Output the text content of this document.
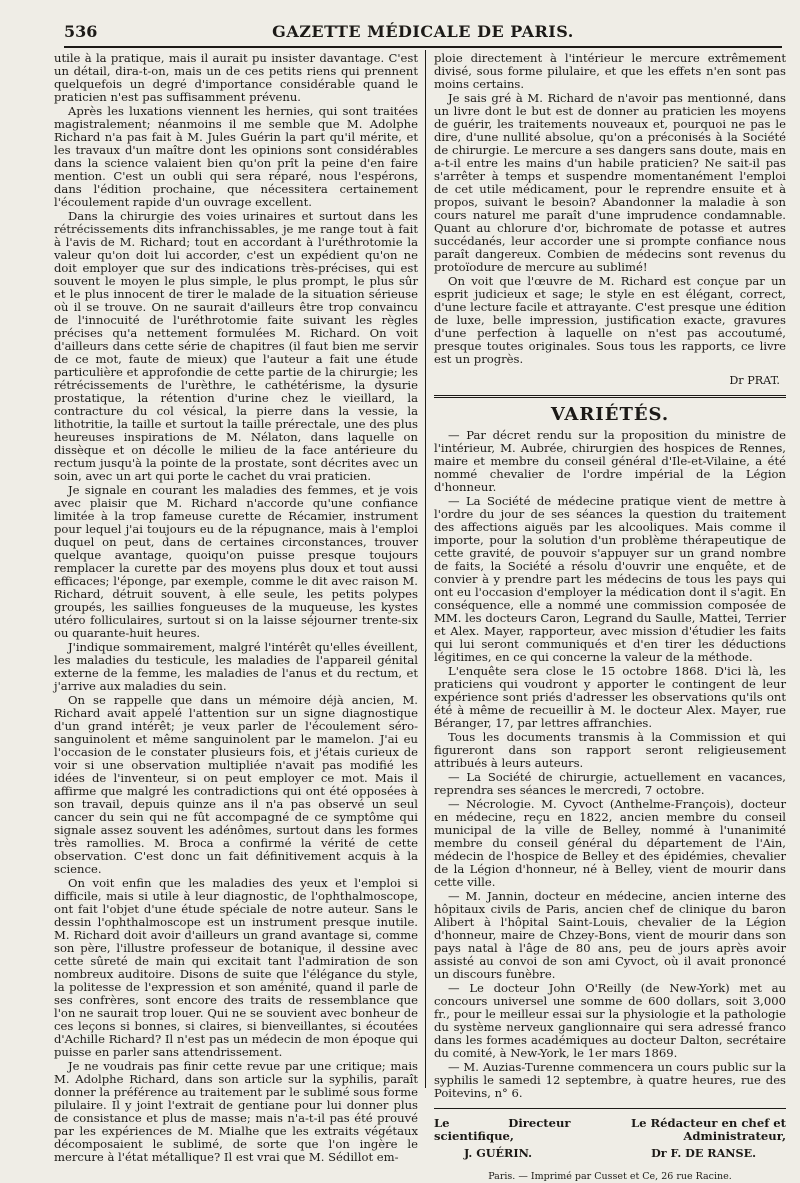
536	GAZETTE MÉDICALE DE PARIS.

utile à la pratique, mais il aurait pu insister davantage. C'est un détail, dira-t-on, mais un de ces petits riens qui prennent quelquefois un degré d'importance considérable quand le praticien n'est pas suffisamment prévenu.

Après les luxations viennent les hernies, qui sont traitées magistralement; néanmoins il me semble que M. Adolphe Richard n'a pas fait à M. Jules Guérin la part qu'il mérite, et les travaux d'un maître dont les opinions sont considérables dans la science valaient bien qu'on prît la peine d'en faire mention. C'est un oubli qui sera réparé, nous l'espérons, dans l'édition prochaine, que nécessitera certainement l'écoulement rapide d'un ouvrage excellent.

Dans la chirurgie des voies urinaires et surtout dans les rétrécissements dits infranchissables, je me range tout à fait à l'avis de M. Richard; tout en accordant à l'uréthrotomie la valeur qu'on doit lui accorder, c'est un expédient qu'on ne doit employer que sur des indications très-précises, qui est souvent le moyen le plus simple, le plus prompt, le plus sûr et le plus innocent de tirer le malade de la situation sérieuse où il se trouve. On ne saurait d'ailleurs être trop convaincu de l'innocuité de l'uréthrotomie faite suivant les règles précises qu'a nettement formulées M. Richard. On voit d'ailleurs dans cette série de chapitres (il faut bien me servir de ce mot, faute de mieux) que l'auteur a fait une étude particulière et approfondie de cette partie de la chirurgie; les rétrécissements de l'urèthre, le cathétérisme, la dysurie prostatique, la rétention d'urine chez le vieillard, la contracture du col vésical, la pierre dans la vessie, la lithotritie, la taille et surtout la taille prérectale, une des plus heureuses inspirations de M. Nélaton, dans laquelle on dissèque et on décolle le milieu de la face antérieure du rectum jusqu'à la pointe de la prostate, sont décrites avec un soin, avec un art qui porte le cachet du vrai praticien.

Je signale en courant les maladies des femmes, et je vois avec plaisir que M. Richard n'accorde qu'une confiance limitée à la trop fameuse curette de Récamier, instrument pour lequel j'ai toujours eu de la répugnance, mais à l'emploi duquel on peut, dans de certaines circonstances, trouver quelque avantage, quoiqu'on puisse presque toujours remplacer la curette par des moyens plus doux et tout aussi efficaces; l'éponge, par exemple, comme le dit avec raison M. Richard, détruit souvent, à elle seule, les petits polypes groupés, les saillies fongueuses de la muqueuse, les kystes utéro folliculaires, surtout si on la laisse séjourner trente-six ou quarante-huit heures.

J'indique sommairement, malgré l'intérêt qu'elles éveillent, les maladies du testicule, les maladies de l'appareil génital externe de la femme, les maladies de l'anus et du rectum, et j'arrive aux maladies du sein.

On se rappelle que dans un mémoire déjà ancien, M. Richard avait appelé l'attention sur un signe diagnostique d'un grand intérêt; je veux parler de l'écoulement séro-sanguinolent et même sanguinolent par le mamelon. J'ai eu l'occasion de le constater plusieurs fois, et j'étais curieux de voir si une observation multipliée n'avait pas modifié les idées de l'inventeur, si on peut employer ce mot. Mais il affirme que malgré les contradictions qui ont été opposées à son travail, depuis quinze ans il n'a pas observé un seul cancer du sein qui ne fût accompagné de ce symptôme qui signale assez souvent les adénômes, surtout dans les formes très ramollies. M. Broca a confirmé la vérité de cette observation. C'est donc un fait définitivement acquis à la science.

On voit enfin que les maladies des yeux et l'emploi si difficile, mais si utile à leur diagnostic, de l'ophthalmoscope, ont fait l'objet d'une étude spéciale de notre auteur. Sans le dessin l'ophthalmoscope est un instrument presque inutile. M. Richard doit avoir d'ailleurs un grand avantage si, comme son père, l'illustre professeur de botanique, il dessine avec cette sûreté de main qui excitait tant l'admiration de son nombreux auditoire. Disons de suite que l'élégance du style, la politesse de l'expression et son aménité, quand il parle de ses confrères, sont encore des traits de ressemblance que l'on ne saurait trop louer. Qui ne se souvient avec bonheur de ces leçons si bonnes, si claires, si bienveillantes, si écoutées d'Achille Richard? Il n'est pas un médecin de mon époque qui puisse en parler sans attendrissement.

Je ne voudrais pas finir cette revue par une critique; mais M. Adolphe Richard, dans son article sur la syphilis, paraît donner la préférence au traitement par le sublimé sous forme pilulaire. Il y joint l'extrait de gentiane pour lui donner plus de consistance et plus de masse; mais n'a-t-il pas été prouvé par les expériences de M. Mialhe que les extraits végétaux décomposaient le sublimé, de sorte que l'on ingère le mercure à l'état métallique? Il est vrai que M. Sédillot em-

ploie directement à l'intérieur le mercure extrêmement divisé, sous forme pilulaire, et que les effets n'en sont pas moins certains.

Je sais gré à M. Richard de n'avoir pas mentionné, dans un livre dont le but est de donner au praticien les moyens de guérir, les traitements nouveaux et, pourquoi ne pas le dire, d'une nullité absolue, qu'on a préconisés à la Société de chirurgie. Le mercure a ses dangers sans doute, mais en a-t-il entre les mains d'un habile praticien? Ne sait-il pas s'arrêter à temps et suspendre momentanément l'emploi de cet utile médicament, pour le reprendre ensuite et à propos, suivant le besoin? Abandonner la maladie à son cours naturel me paraît d'une imprudence condamnable. Quant au chlorure d'or, bichromate de potasse et autres succédanés, leur accorder une si prompte confiance nous paraît dangereux. Combien de médecins sont revenus du protoïodure de mercure au sublimé!

On voit que l'œuvre de M. Richard est conçue par un esprit judicieux et sage; le style en est élégant, correct, d'une lecture facile et attrayante. C'est presque une édition de luxe, belle impression, justification exacte, gravures d'une perfection à laquelle on n'est pas accoutumé, presque toutes originales. Sous tous les rapports, ce livre est un progrès.

Dr PRAT.
VARIÉTÉS.

— Par décret rendu sur la proposition du ministre de l'intérieur, M. Aubrée, chirurgien des hospices de Rennes, maire et membre du conseil général d'Ile-et-Vilaine, a été nommé chevalier de l'ordre impérial de la Légion d'honneur.

— La Société de médecine pratique vient de mettre à l'ordre du jour de ses séances la question du traitement des affections aiguës par les alcooliques. Mais comme il importe, pour la solution d'un problème thérapeutique de cette gravité, de pouvoir s'appuyer sur un grand nombre de faits, la Société a résolu d'ouvrir une enquête, et de convier à y prendre part les médecins de tous les pays qui ont eu l'occasion d'employer la médication dont il s'agit. En conséquence, elle a nommé une commission composée de MM. les docteurs Caron, Legrand du Saulle, Mattei, Terrier et Alex. Mayer, rapporteur, avec mission d'étudier les faits qui lui seront communiqués et d'en tirer les déductions légitimes, en ce qui concerne la valeur de la méthode.

L'enquête sera close le 15 octobre 1868. D'ici là, les praticiens qui voudront y apporter le contingent de leur expérience sont priés d'adresser les observations qu'ils ont été à même de recueillir à M. le docteur Alex. Mayer, rue Béranger, 17, par lettres affranchies.

Tous les documents transmis à la Commission et qui figureront dans son rapport seront religieusement attribués à leurs auteurs.

— La Société de chirurgie, actuellement en vacances, reprendra ses séances le mercredi, 7 octobre.

— Nécrologie. M. Cyvoct (Anthelme-François), docteur en médecine, reçu en 1822, ancien membre du conseil municipal de la ville de Belley, nommé à l'unanimité membre du conseil général du département de l'Ain, médecin de l'hospice de Belley et des épidémies, chevalier de la Légion d'honneur, né à Belley, vient de mourir dans cette ville.

— M. Jannin, docteur en médecine, ancien interne des hôpitaux civils de Paris, ancien chef de clinique du baron Alibert à l'hôpital Saint-Louis, chevalier de la Légion d'honneur, maire de Chzey-Bons, vient de mourir dans son pays natal à l'âge de 80 ans, peu de jours après avoir assisté au convoi de son ami Cyvoct, où il avait prononcé un discours funèbre.

— Le docteur John O'Reilly (de New-York) met au concours universel une somme de 600 dollars, soit 3,000 fr., pour le meilleur essai sur la physiologie et la pathologie du système nerveux ganglionnaire qui sera adressé franco dans les formes académiques au docteur Dalton, secrétaire du comité, à New-York, le 1er mars 1869.

— M. Auzias-Turenne commencera un cours public sur la syphilis le samedi 12 septembre, à quatre heures, rue des Poitevins, n° 6.

Le Directeur scientifique,
Le Rédacteur en chef et Administrateur,
J. GUÉRIN.	Dr F. DE RANSE.
Paris. — Imprimé par Cusset et Ce, 26 rue Racine.
